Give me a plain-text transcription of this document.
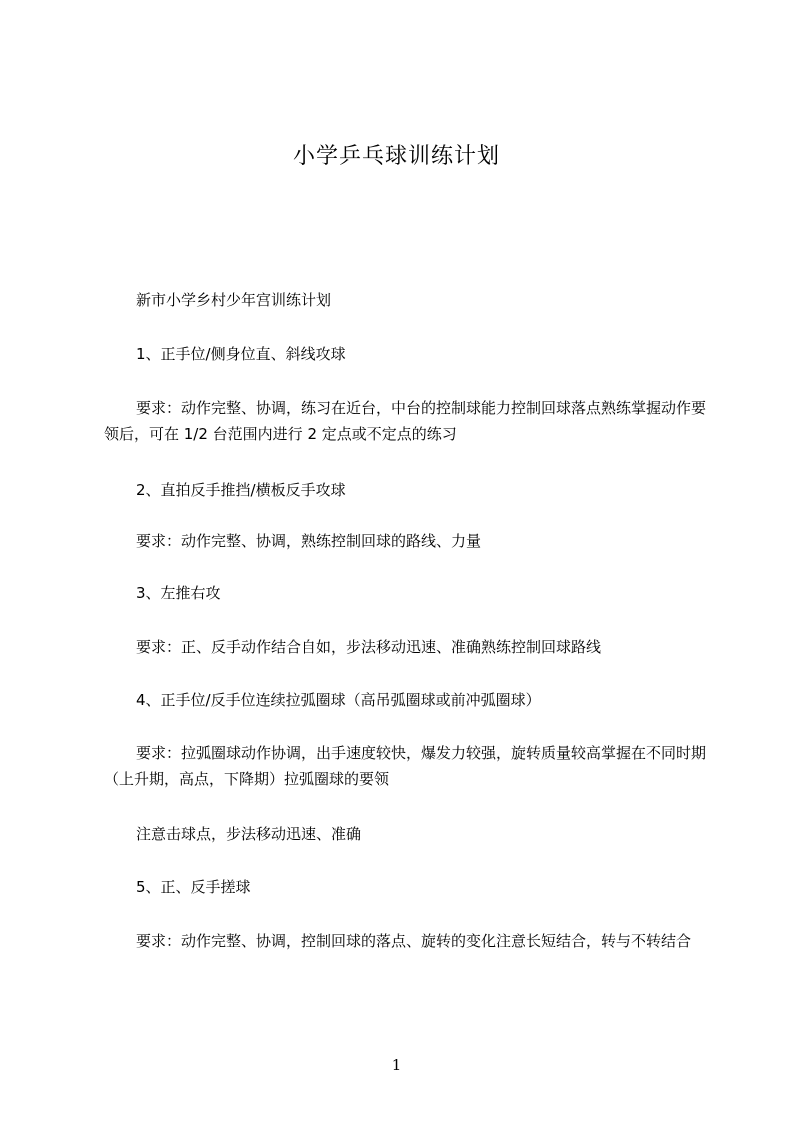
小学乒乓球训练计划

新市小学乡村少年宫训练计划

1、正手位/侧身位直、斜线攻球

要求：动作完整、协调，练习在近台，中台的控制球能力控制回球落点熟练掌握动作要领后，可在 1/2 台范围内进行 2 定点或不定点的练习

2、直拍反手推挡/横板反手攻球

要求：动作完整、协调，熟练控制回球的路线、力量

3、左推右攻

要求：正、反手动作结合自如，步法移动迅速、准确熟练控制回球路线

4、正手位/反手位连续拉弧圈球（高吊弧圈球或前冲弧圈球）

要求：拉弧圈球动作协调，出手速度较快，爆发力较强，旋转质量较高掌握在不同时期（上升期，高点，下降期）拉弧圈球的要领

注意击球点，步法移动迅速、准确

5、正、反手搓球

要求：动作完整、协调，控制回球的落点、旋转的变化注意长短结合，转与不转结合

1
